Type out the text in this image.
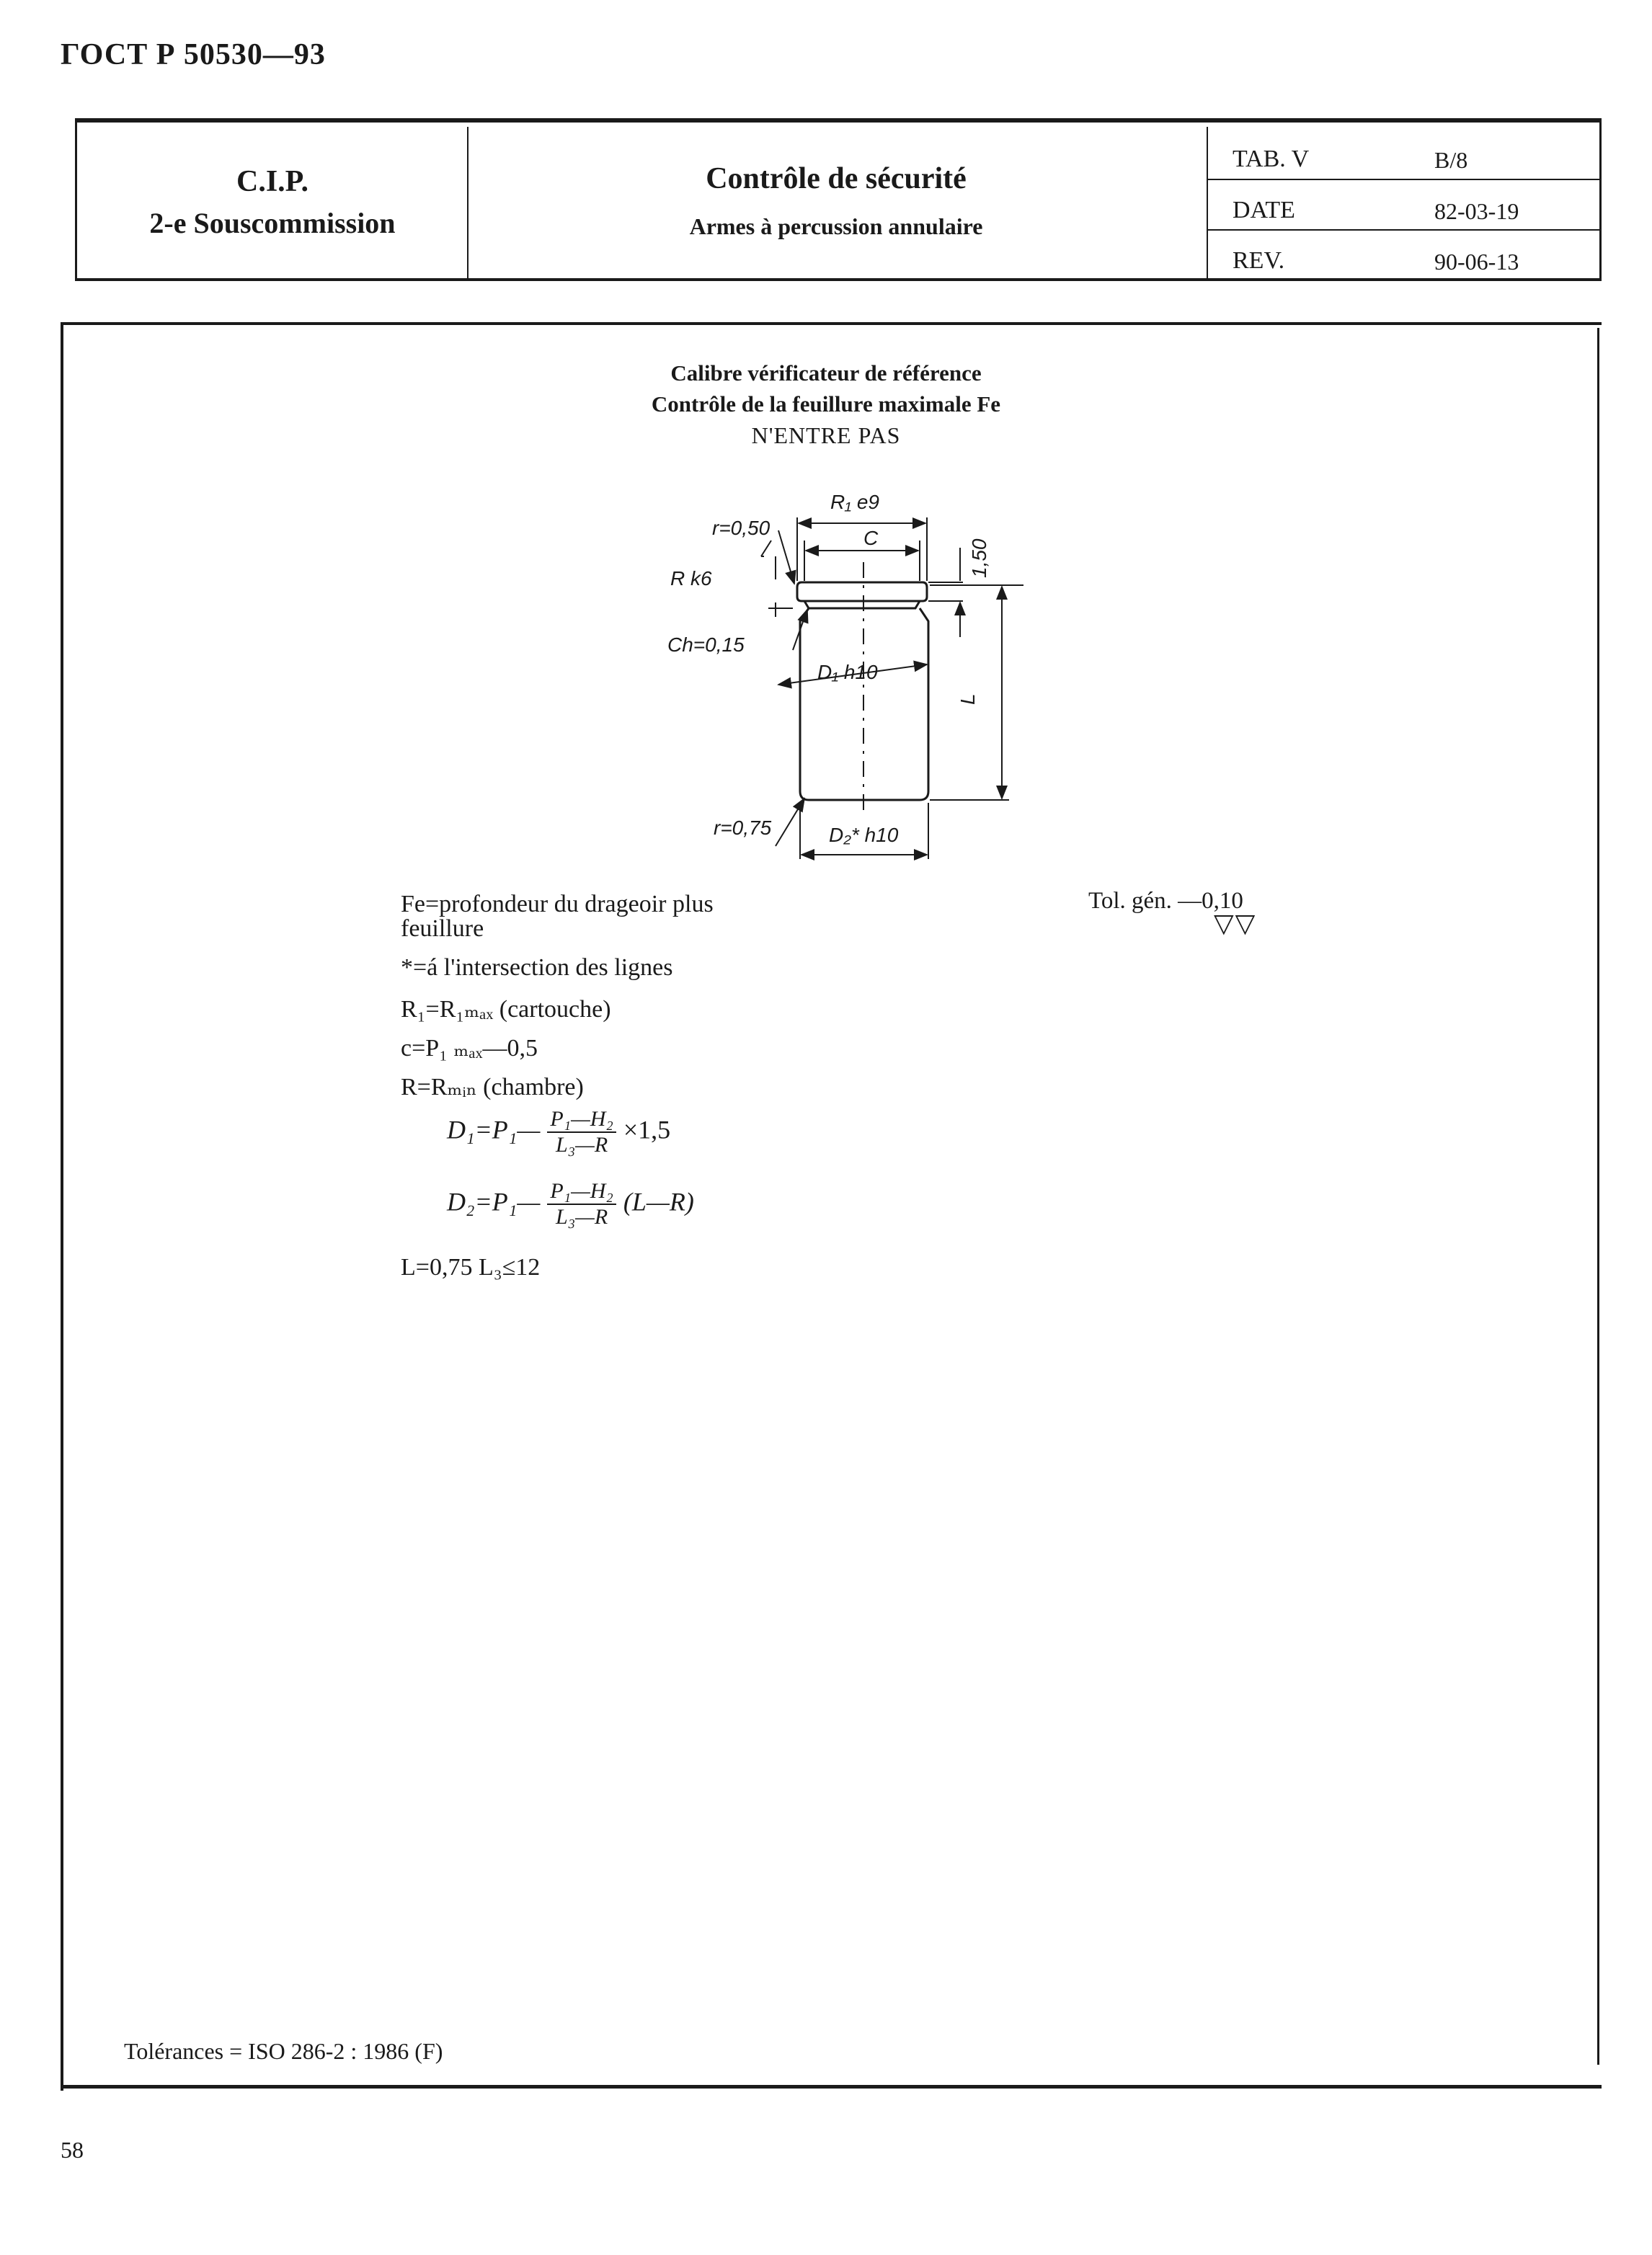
ГОСТ Р 50530—93
C.I.P.
2-e Souscommission
Contrôle de sécurité
Armes à percussion annulaire
TAB. V	B/8
DATE	82-03-19
REV.	90-06-13
Calibre vérificateur de référence
Contrôle de la feuillure maximale Fe
N'ENTRE PAS
r=0,50
R k6
Ch=0,15
R₁ e9
C
1,50
L
D₁ h10
r=0,75	D₂* h10
Fe=profondeur du drageoir plus
feuillure
*=á l'intersection des lignes
R₁=R₁ₘₐₓ (cartouche)
c=P₁ ₘₐₓ—0,5
R=Rₘᵢₙ (chambre)
D₁=P₁— $\frac{\text{P₁—H₂}}{\text{L₃—R}} \times 1,5$
D₂=P₁— $\frac{\text{P₁—H₂}}{\text{L₃—R}}$ (L—R)
L=0,75 L₃≤12
Tol. gén. —0,10
▽▽
Tolérances = ISO 286-2 : 1986 (F)
58
